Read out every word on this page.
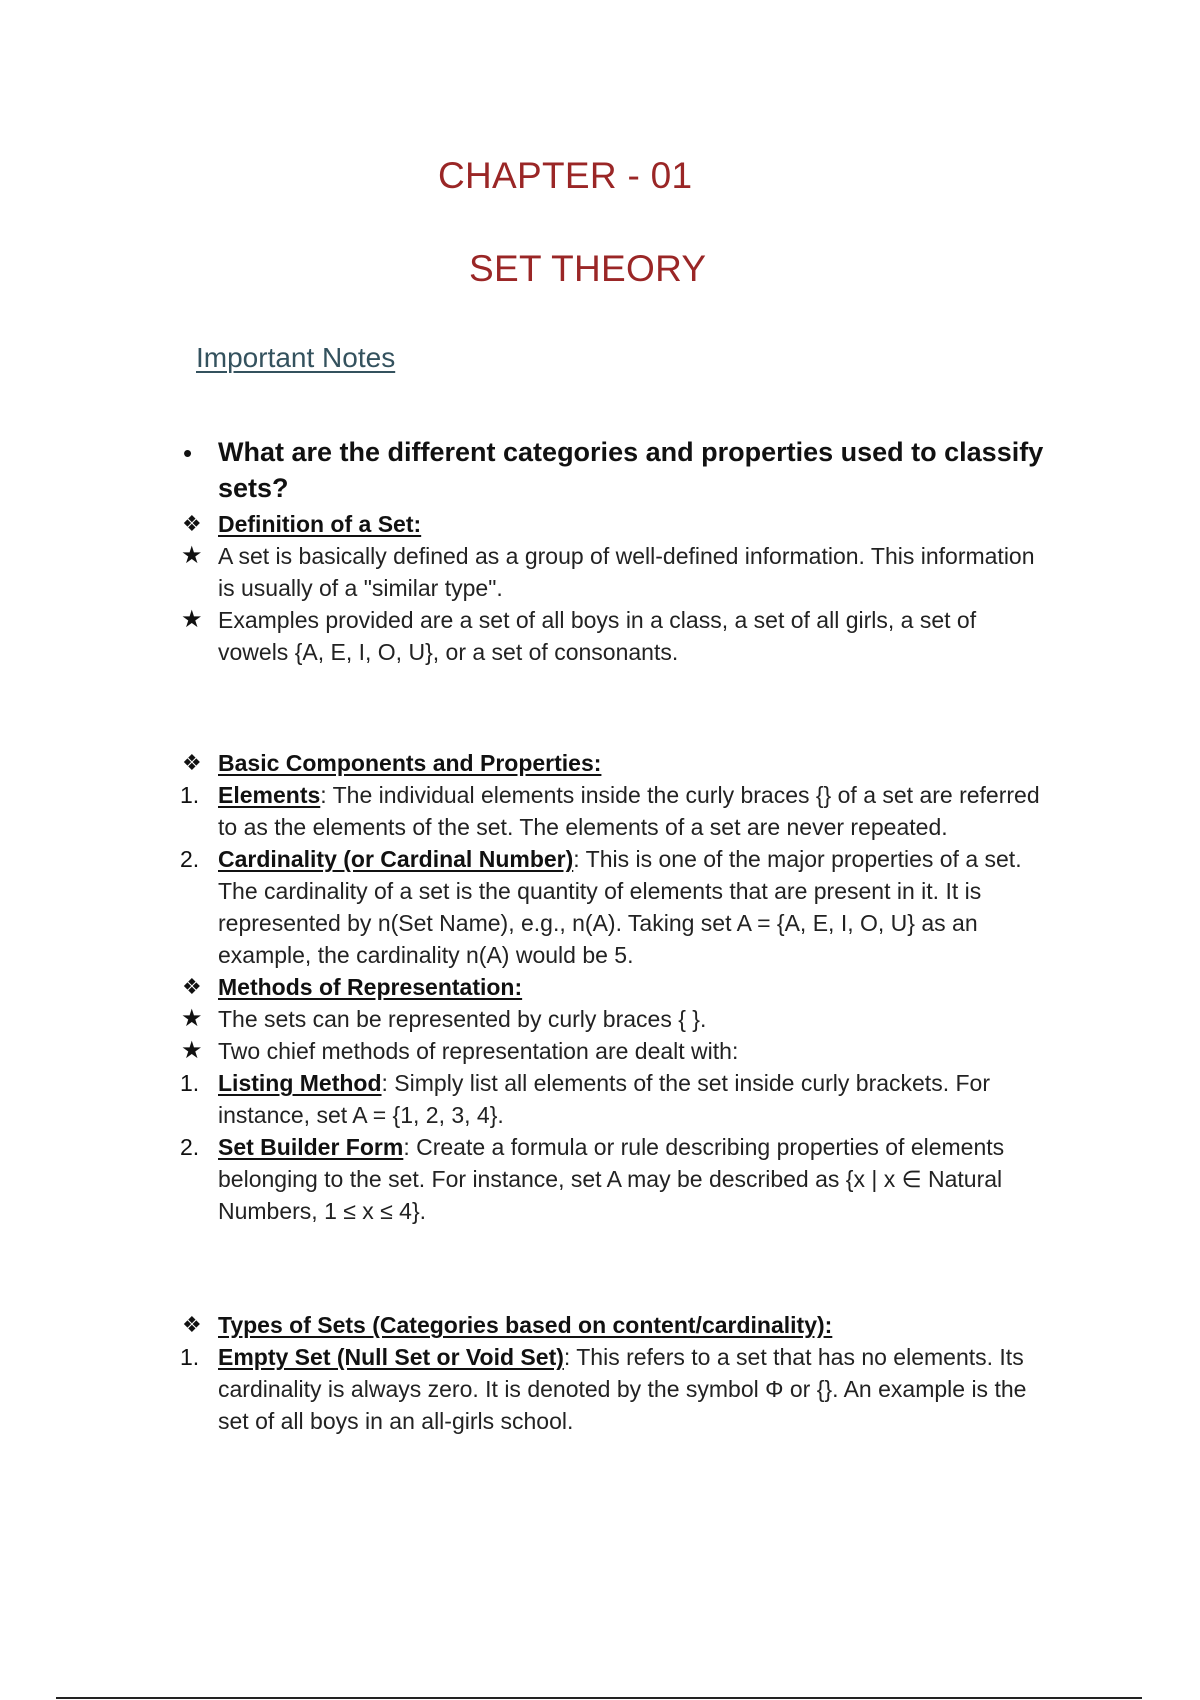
CHAPTER - 01
SET THEORY
Important Notes
• What are the different categories and properties used to classify
sets?
❖ Definition of a Set:
★ A set is basically defined as a group of well-defined information. This information
is usually of a "similar type".
★ Examples provided are a set of all boys in a class, a set of all girls, a set of
vowels {A, E, I, O, U}, or a set of consonants.
❖ Basic Components and Properties:
1. Elements: The individual elements inside the curly braces {} of a set are referred
to as the elements of the set. The elements of a set are never repeated.
2. Cardinality (or Cardinal Number): This is one of the major properties of a set.
The cardinality of a set is the quantity of elements that are present in it. It is
represented by n(Set Name), e.g., n(A). Taking set A = {A, E, I, O, U} as an
example, the cardinality n(A) would be 5.
❖ Methods of Representation:
★ The sets can be represented by curly braces { }.
★ Two chief methods of representation are dealt with:
1. Listing Method: Simply list all elements of the set inside curly brackets. For
instance, set A = {1, 2, 3, 4}.
2. Set Builder Form: Create a formula or rule describing properties of elements
belonging to the set. For instance, set A may be described as {x | x ∈ Natural
Numbers, 1 ≤ x ≤ 4}.
❖ Types of Sets (Categories based on content/cardinality):
1. Empty Set (Null Set or Void Set): This refers to a set that has no elements. Its
cardinality is always zero. It is denoted by the symbol Φ or {}. An example is the
set of all boys in an all-girls school.
